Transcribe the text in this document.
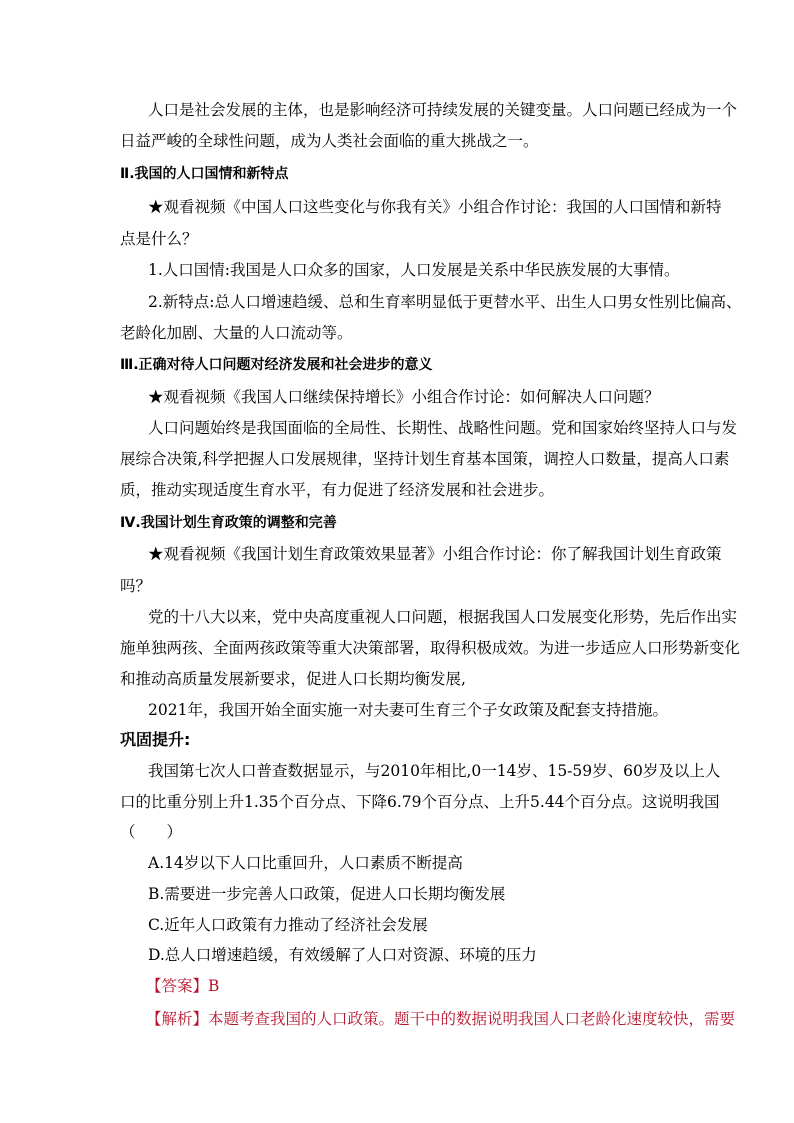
人口是社会发展的主体，也是影响经济可持续发展的关键变量。人口问题已经成为一个
日益严峻的全球性问题，成为人类社会面临的重大挑战之一。
Ⅱ.我国的人口国情和新特点
★观看视频《中国人口这些变化与你我有关》小组合作讨论：我国的人口国情和新特
点是什么？
1.人口国情:我国是人口众多的国家，人口发展是关系中华民族发展的大事情。
2.新特点:总人口增速趋缓、总和生育率明显低于更替水平、出生人口男女性别比偏高、
老龄化加剧、大量的人口流动等。
Ⅲ.正确对待人口问题对经济发展和社会进步的意义
★观看视频《我国人口继续保持增长》小组合作讨论：如何解决人口问题？
人口问题始终是我国面临的全局性、长期性、战略性问题。党和国家始终坚持人口与发
展综合决策,科学把握人口发展规律，坚持计划生育基本国策，调控人口数量，提高人口素
质，推动实现适度生育水平，有力促进了经济发展和社会进步。
Ⅳ.我国计划生育政策的调整和完善
★观看视频《我国计划生育政策效果显著》小组合作讨论：你了解我国计划生育政策
吗？
党的十八大以来，党中央高度重视人口问题，根据我国人口发展变化形势，先后作出实
施单独两孩、全面两孩政策等重大决策部署，取得积极成效。为进一步适应人口形势新变化
和推动高质量发展新要求，促进人口长期均衡发展,
2021年，我国开始全面实施一对夫妻可生育三个子女政策及配套支持措施。
巩固提升:
我国第七次人口普查数据显示，与2010年相比,0一14岁、15-59岁、60岁及以上人
口的比重分别上升1.35个百分点、下降6.79个百分点、上升5.44个百分点。这说明我国
（　　）
A.14岁以下人口比重回升，人口素质不断提高
B.需要进一步完善人口政策，促进人口长期均衡发展
C.近年人口政策有力推动了经济社会发展
D.总人口增速趋缓，有效缓解了人口对资源、环境的压力
【答案】B
【解析】本题考查我国的人口政策。题干中的数据说明我国人口老龄化速度较快，需要
